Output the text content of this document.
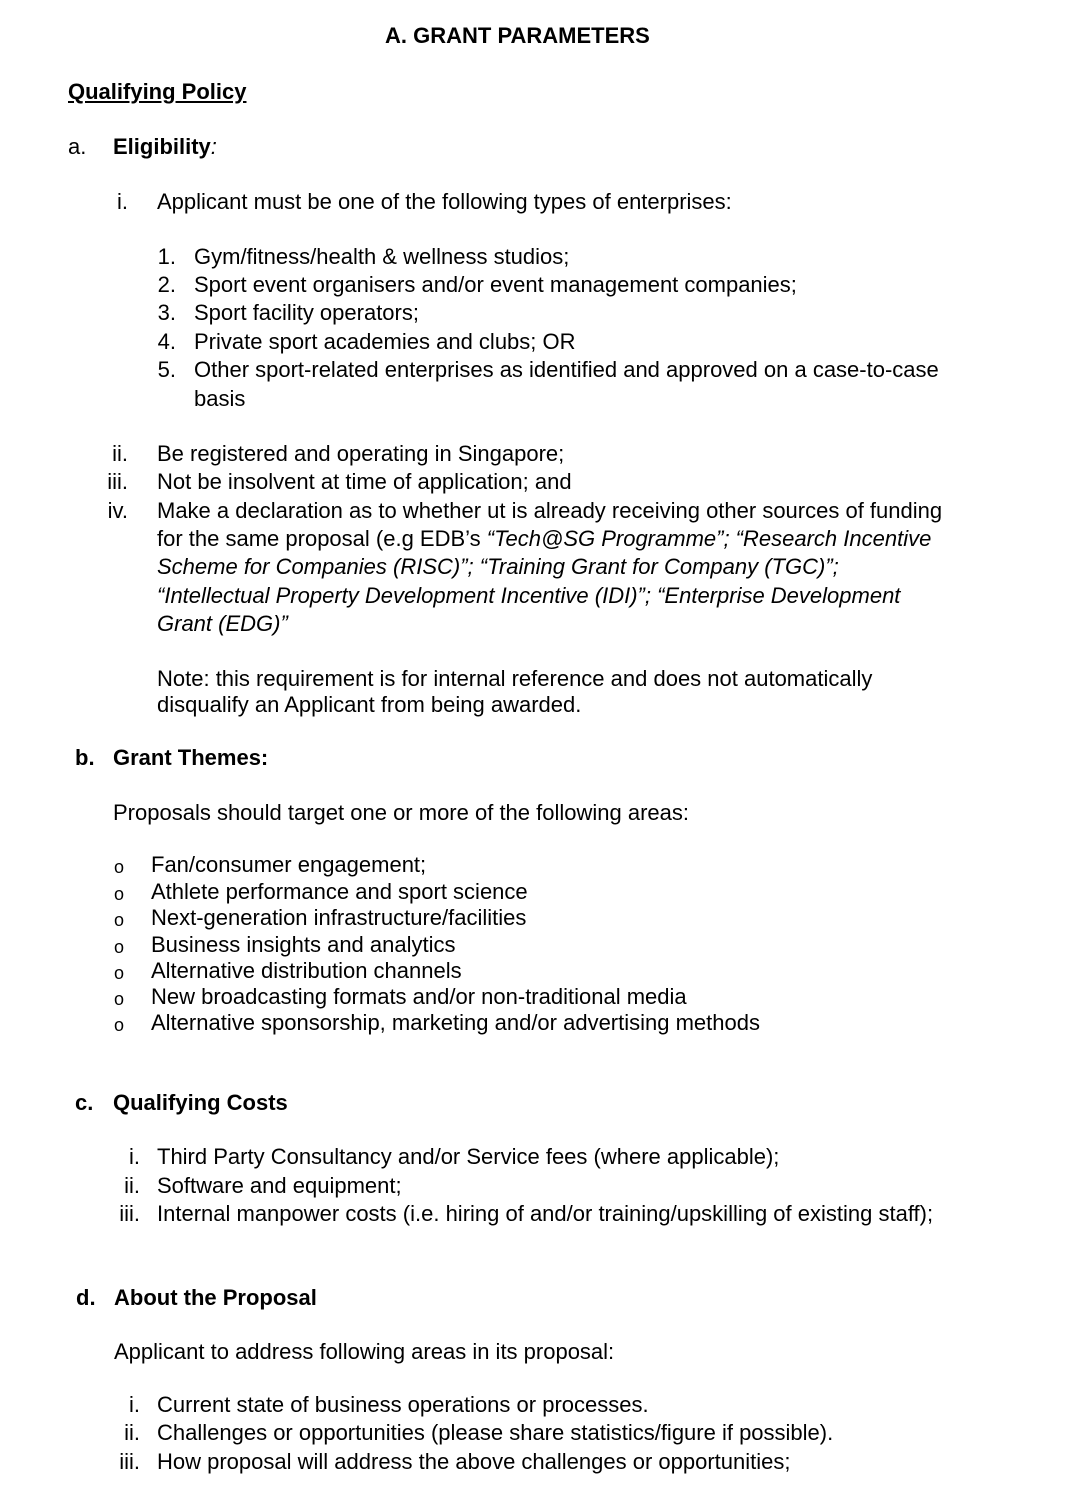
A. GRANT PARAMETERS
Qualifying Policy
a. Eligibility:
i. Applicant must be one of the following types of enterprises:
1. Gym/fitness/health & wellness studios;
2. Sport event organisers and/or event management companies;
3. Sport facility operators;
4. Private sport academies and clubs; OR
5. Other sport-related enterprises as identified and approved on a case-to-case
basis
ii. Be registered and operating in Singapore;
iii. Not be insolvent at time of application; and
iv. Make a declaration as to whether ut is already receiving other sources of funding
for the same proposal (e.g EDB’s “Tech@SG Programme”; “Research Incentive
Scheme for Companies (RISC)”; “Training Grant for Company (TGC)”;
“Intellectual Property Development Incentive (IDI)”; “Enterprise Development
Grant (EDG)”
Note: this requirement is for internal reference and does not automatically
disqualify an Applicant from being awarded.
b. Grant Themes:
Proposals should target one or more of the following areas:
o Fan/consumer engagement;
o Athlete performance and sport science
o Next-generation infrastructure/facilities
o Business insights and analytics
o Alternative distribution channels
o New broadcasting formats and/or non-traditional media
o Alternative sponsorship, marketing and/or advertising methods
c. Qualifying Costs
i. Third Party Consultancy and/or Service fees (where applicable);
ii. Software and equipment;
iii. Internal manpower costs (i.e. hiring of and/or training/upskilling of existing staff);
d. About the Proposal
Applicant to address following areas in its proposal:
i. Current state of business operations or processes.
ii. Challenges or opportunities (please share statistics/figure if possible).
iii. How proposal will address the above challenges or opportunities;
